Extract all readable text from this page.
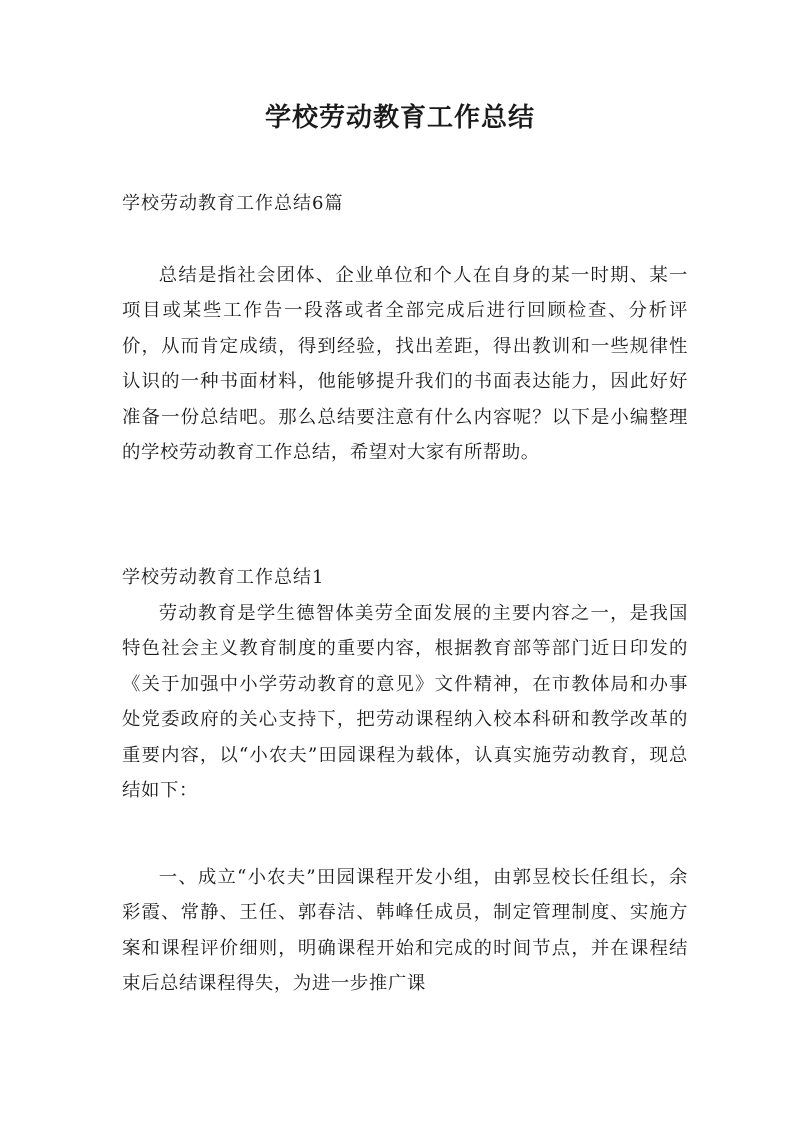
学校劳动教育工作总结
学校劳动教育工作总结6篇

总结是指社会团体、企业单位和个人在自身的某一时期、某一项目或某些工作告一段落或者全部完成后进行回顾检查、分析评价，从而肯定成绩，得到经验，找出差距，得出教训和一些规律性认识的一种书面材料，他能够提升我们的书面表达能力，因此好好准备一份总结吧。那么总结要注意有什么内容呢？以下是小编整理的学校劳动教育工作总结，希望对大家有所帮助。

学校劳动教育工作总结1

劳动教育是学生德智体美劳全面发展的主要内容之一，是我国特色社会主义教育制度的重要内容，根据教育部等部门近日印发的《关于加强中小学劳动教育的意见》文件精神，在市教体局和办事处党委政府的关心支持下，把劳动课程纳入校本科研和教学改革的重要内容，以“小农夫”田园课程为载体，认真实施劳动教育，现总结如下：

一、成立“小农夫”田园课程开发小组，由郭昱校长任组长，余彩霞、常静、王任、郭春洁、韩峰任成员，制定管理制度、实施方案和课程评价细则，明确课程开始和完成的时间节点，并在课程结束后总结课程得失，为进一步推广课
